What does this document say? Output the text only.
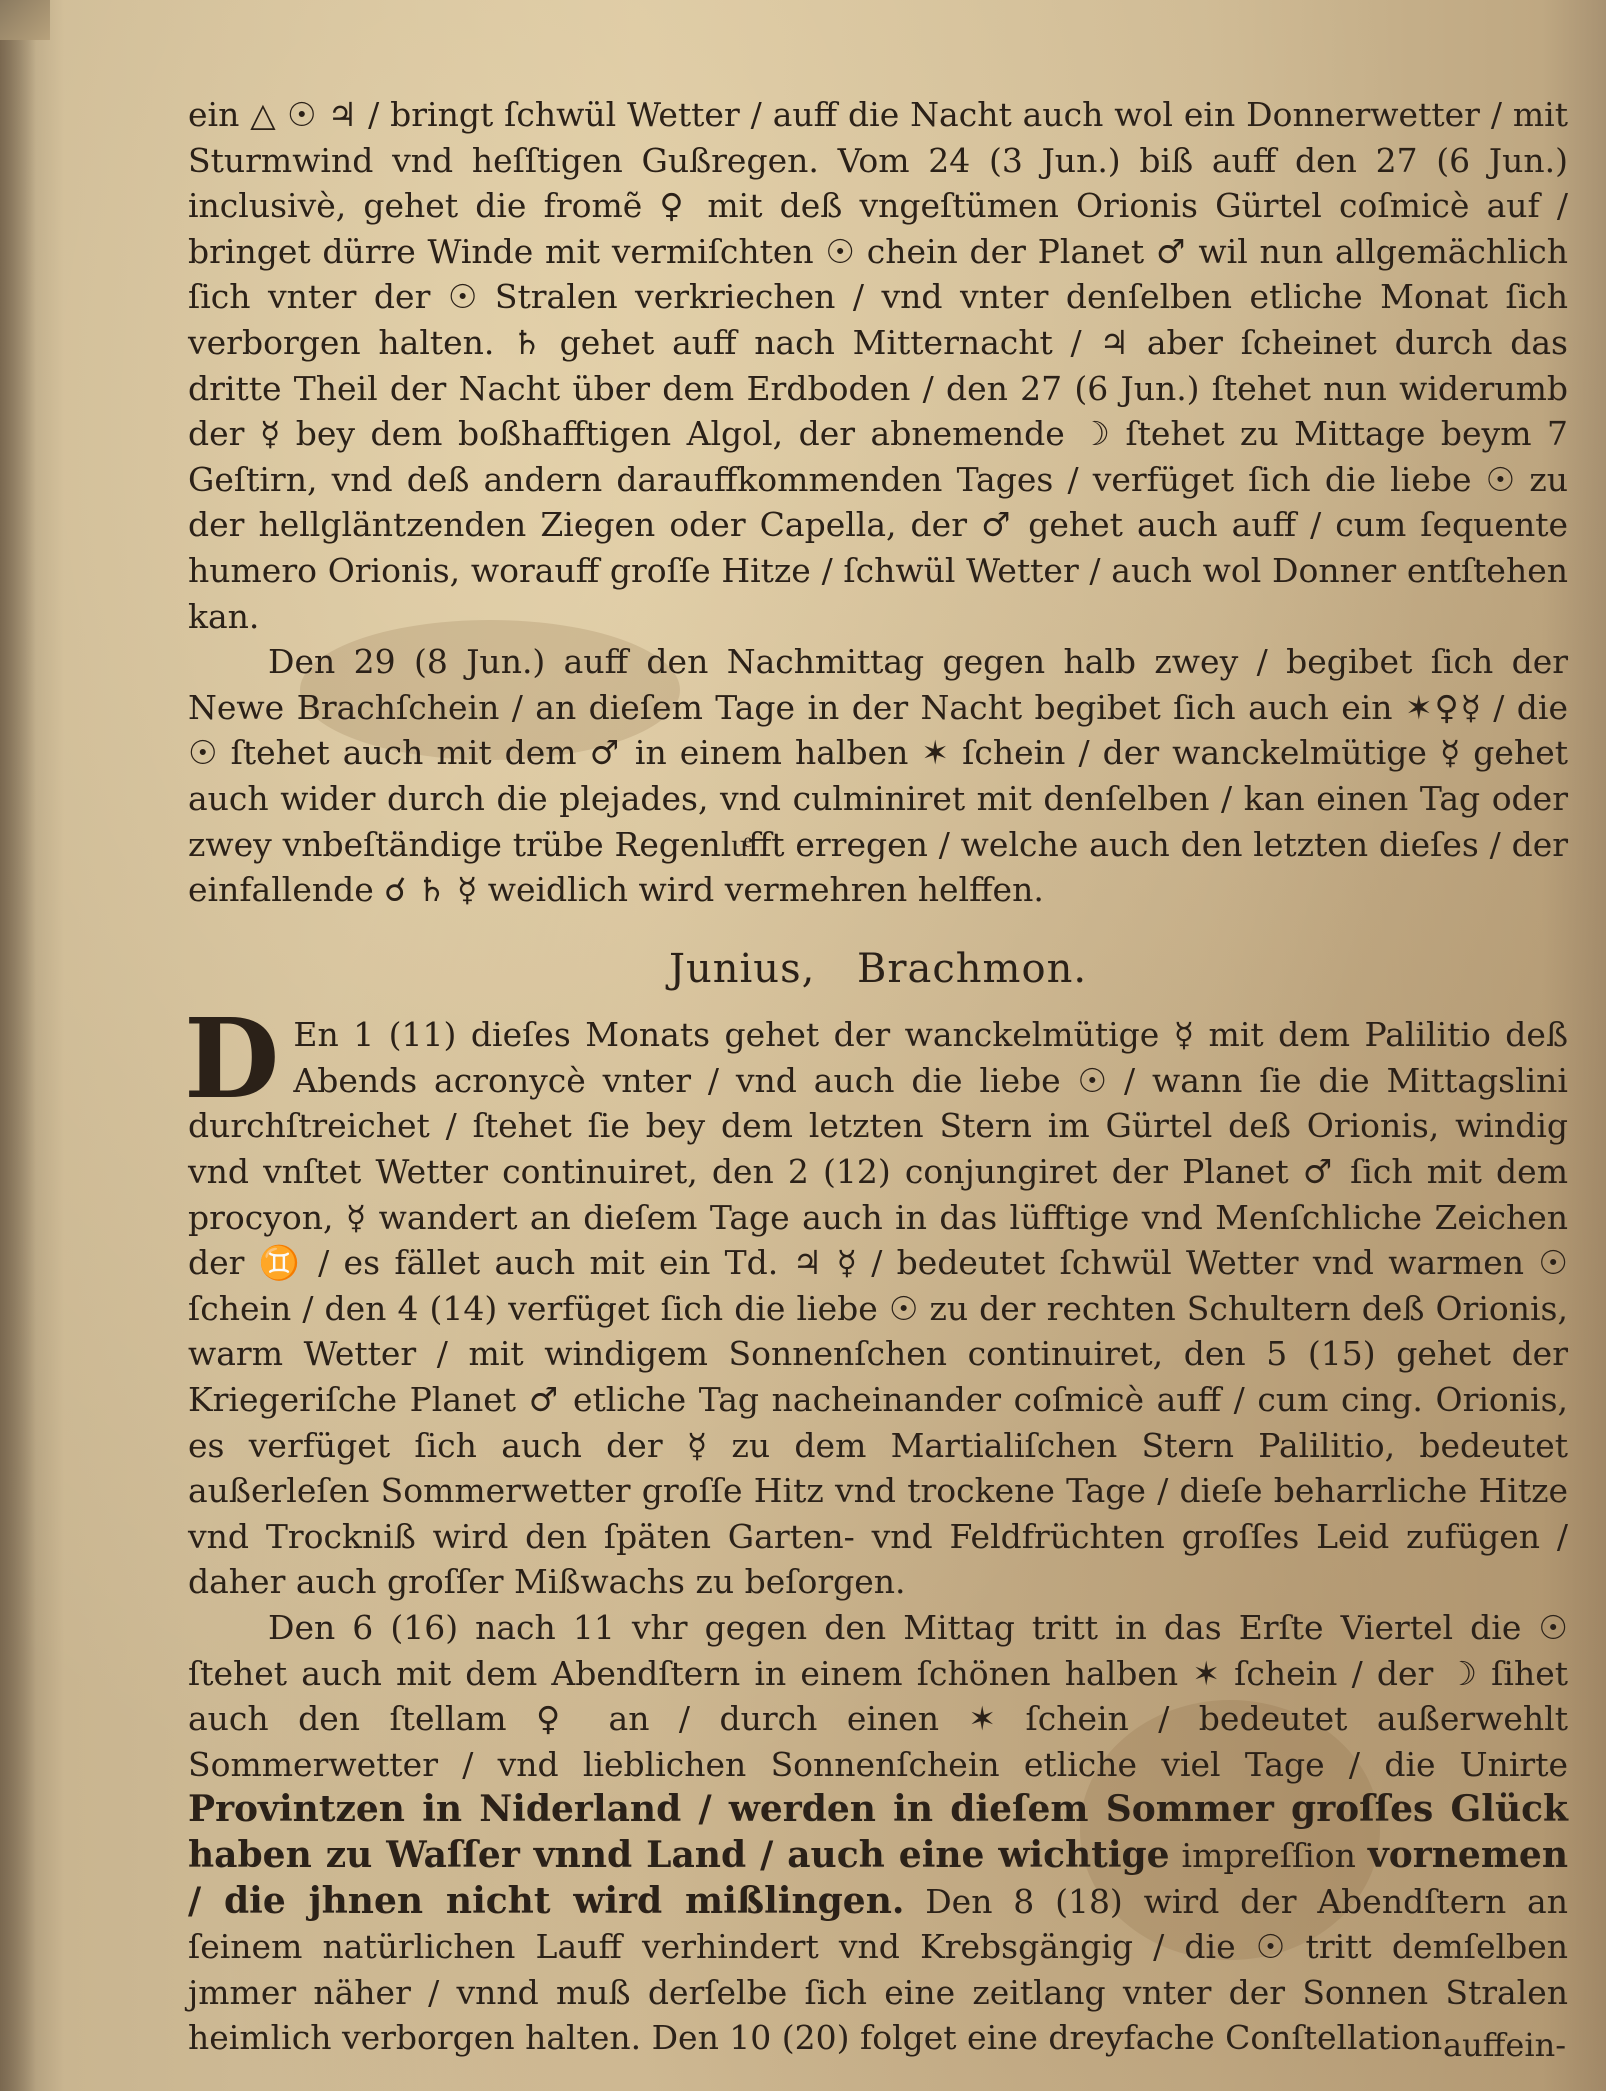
ein △ ☉ ♃ / bringt ſchwül Wetter / auff die Nacht auch wol ein Donnerwetter / mit Sturmwind vnd heſſtigen Gußregen. Vom 24 (3 Jun.) biß auff den 27 (6 Jun.) inclusivè, gehet die fromẽ ♀ mit deß vngeſtümen Orionis Gürtel coſmicè auf / bringet dürre Winde mit vermiſchten ☉ chein der Planet ♂ wil nun allgemächlich ſich vnter der ☉ Stralen verkriechen / vnd vnter denſelben etliche Monat ſich verborgen halten. ♄ gehet auff nach Mitternacht / ♃ aber ſcheinet durch das dritte Theil der Nacht über dem Erdboden / den 27 (6 Jun.) ſtehet nun widerumb der ☿ bey dem boßhafftigen Algol, der abnemende ☽ ſtehet zu Mittage beym 7 Geſtirn, vnd deß andern darauffkommenden Tages / verfüget ſich die liebe ☉ zu der hellgläntzenden Ziegen oder Capella, der ♂ gehet auch auff / cum ſequente humero Orionis, worauff groſſe Hitze / ſchwül Wetter / auch wol Donner entſtehen kan.

Den 29 (8 Jun.) auff den Nachmittag gegen halb zwey / begibet ſich der Newe Brachſchein / an dieſem Tage in der Nacht begibet ſich auch ein ✶♀☿ / die ☉ ſtehet auch mit dem ♂ in einem halben ✶ ſchein / der wanckelmütige ☿ gehet auch wider durch die plejades, vnd culminiret mit denſelben / kan einen Tag oder zwey vnbeſtändige trübe Regenluͤfft erregen / welche auch den letzten dieſes / der einfallende ☌ ♄ ☿ weidlich wird vermehren helffen.

Junius, Brachmon.

D En 1 (11) dieſes Monats gehet der wanckelmütige ☿ mit dem Palilitio deß Abends acronycè vnter / vnd auch die liebe ☉ / wann ſie die Mittagslini durchſtreichet / ſtehet ſie bey dem letzten Stern im Gürtel deß Orionis, windig vnd vnſtet Wetter continuiret, den 2 (12) conjungiret der Planet ♂ ſich mit dem procyon, ☿ wandert an dieſem Tage auch in das lüfftige vnd Menſchliche Zeichen der ♊ / es fället auch mit ein Td. ♃ ☿ / bedeutet ſchwül Wetter vnd warmen ☉ ſchein / den 4 (14) verfüget ſich die liebe ☉ zu der rechten Schultern deß Orionis, warm Wetter / mit windigem Sonnenſchen continuiret, den 5 (15) gehet der Kriegeriſche Planet ♂ etliche Tag nacheinander coſmicè auff / cum cing. Orionis, es verfüget ſich auch der ☿ zu dem Martialiſchen Stern Palilitio, bedeutet außerleſen Sommerwetter groſſe Hitz vnd trockene Tage / dieſe beharrliche Hitze vnd Trockniß wird den ſpäten Garten- vnd Feldfrüchten groſſes Leid zufügen / daher auch groſſer Mißwachs zu beſorgen.

Den 6 (16) nach 11 vhr gegen den Mittag tritt in das Erſte Viertel die ☉ ſtehet auch mit dem Abendſtern in einem ſchönen halben ✶ ſchein / der ☽ ſihet auch den ſtellam ♀ an / durch einen ✶ ſchein / bedeutet außerwehlt Sommerwetter / vnd lieblichen Sonnenſchein etliche viel Tage / die Unirte Provintzen in Niderland / werden in dieſem Sommer groſſes Glück haben zu Waſſer vnnd Land / auch eine wichtige impreſſion vornemen / die jhnen nicht wird mißlingen. Den 8 (18) wird der Abendſtern an ſeinem natürlichen Lauff verhindert vnd Krebsgängig / die ☉ tritt demſelben jmmer näher / vnnd muß derſelbe ſich eine zeitlang vnter der Sonnen Stralen heimlich verborgen halten. Den 10 (20) folget eine dreyfache Conſtellation auffein-
